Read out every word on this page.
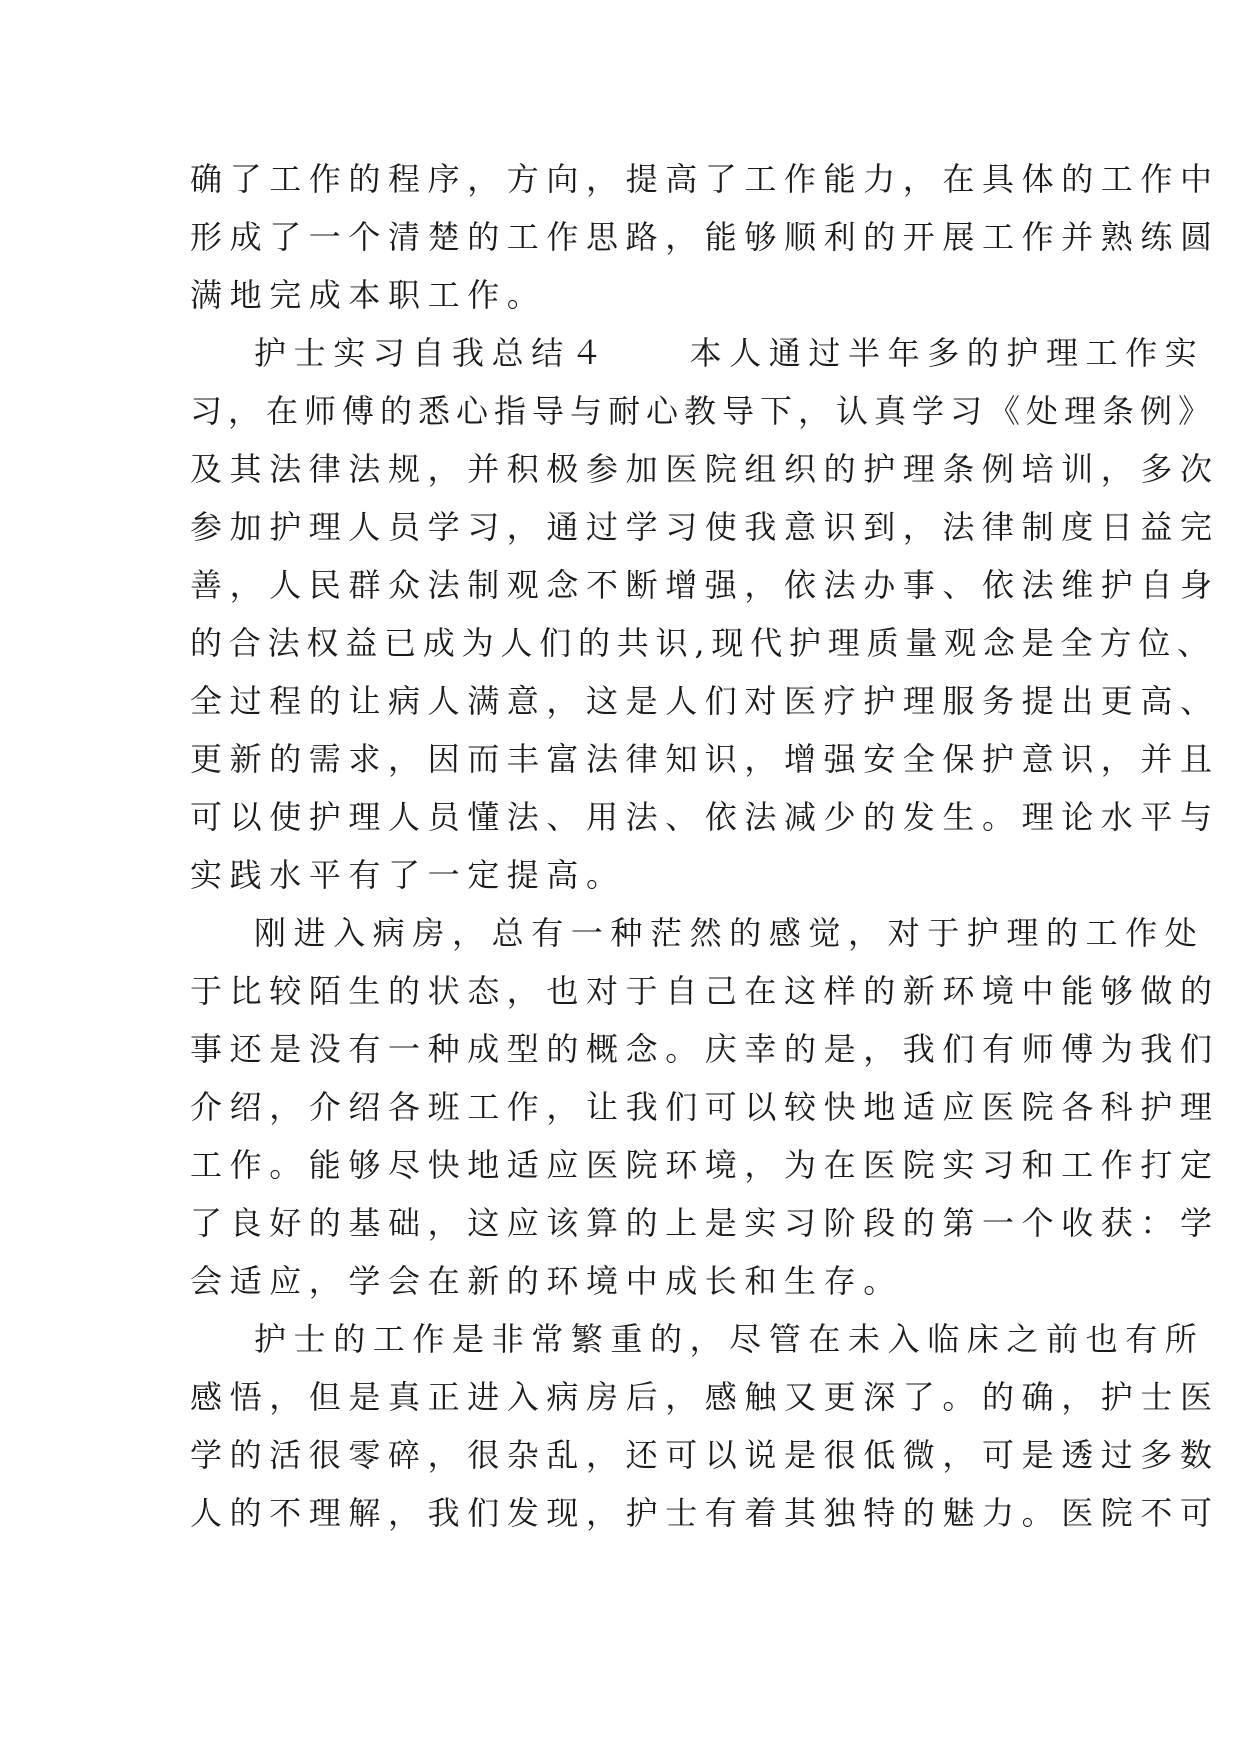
确了工作的程序，方向，提高了工作能力，在具体的工作中
形成了一个清楚的工作思路，能够顺利的开展工作并熟练圆
满地完成本职工作。
护士实习自我总结４　　本人通过半年多的护理工作实
习，在师傅的悉心指导与耐心教导下，认真学习《处理条例》
及其法律法规，并积极参加医院组织的护理条例培训，多次
参加护理人员学习，通过学习使我意识到，法律制度日益完
善，人民群众法制观念不断增强，依法办事、依法维护自身
的合法权益已成为人们的共识,现代护理质量观念是全方位、
全过程的让病人满意，这是人们对医疗护理服务提出更高、
更新的需求，因而丰富法律知识，增强安全保护意识，并且
可以使护理人员懂法、用法、依法减少的发生。理论水平与
实践水平有了一定提高。
刚进入病房，总有一种茫然的感觉，对于护理的工作处
于比较陌生的状态，也对于自己在这样的新环境中能够做的
事还是没有一种成型的概念。庆幸的是，我们有师傅为我们
介绍，介绍各班工作，让我们可以较快地适应医院各科护理
工作。能够尽快地适应医院环境，为在医院实习和工作打定
了良好的基础，这应该算的上是实习阶段的第一个收获：学
会适应，学会在新的环境中成长和生存。
护士的工作是非常繁重的，尽管在未入临床之前也有所
感悟，但是真正进入病房后，感触又更深了。的确，护士医
学的活很零碎，很杂乱，还可以说是很低微，可是透过多数
人的不理解，我们发现，护士有着其独特的魅力。医院不可
